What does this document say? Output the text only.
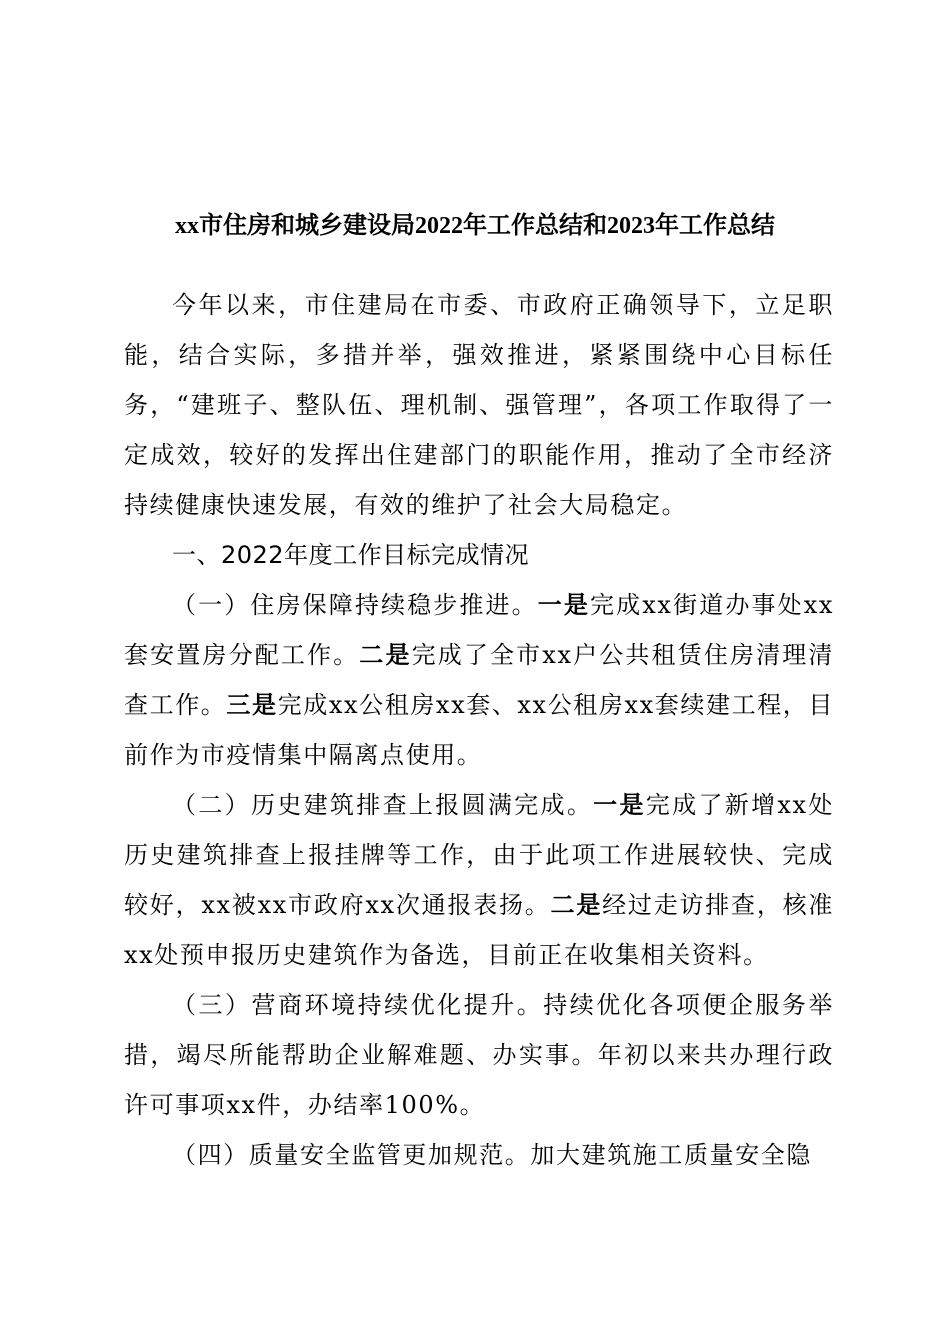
xx市住房和城乡建设局2022年工作总结和2023年工作总结

今年以来，市住建局在市委、市政府正确领导下，立足职能，结合实际，多措并举，强效推进，紧紧围绕中心目标任务，“建班子、整队伍、理机制、强管理”，各项工作取得了一定成效，较好的发挥出住建部门的职能作用，推动了全市经济持续健康快速发展，有效的维护了社会大局稳定。

一、2022年度工作目标完成情况

（一）住房保障持续稳步推进。一是完成xx街道办事处xx套安置房分配工作。二是完成了全市xx户公共租赁住房清理清查工作。三是完成xx公租房xx套、xx公租房xx套续建工程，目前作为市疫情集中隔离点使用。

（二）历史建筑排查上报圆满完成。一是完成了新增xx处历史建筑排查上报挂牌等工作，由于此项工作进展较快、完成较好，xx被xx市政府xx次通报表扬。二是经过走访排查，核准xx处预申报历史建筑作为备选，目前正在收集相关资料。

（三）营商环境持续优化提升。持续优化各项便企服务举措，竭尽所能帮助企业解难题、办实事。年初以来共办理行政许可事项xx件，办结率100%。

（四）质量安全监管更加规范。加大建筑施工质量安全隐
